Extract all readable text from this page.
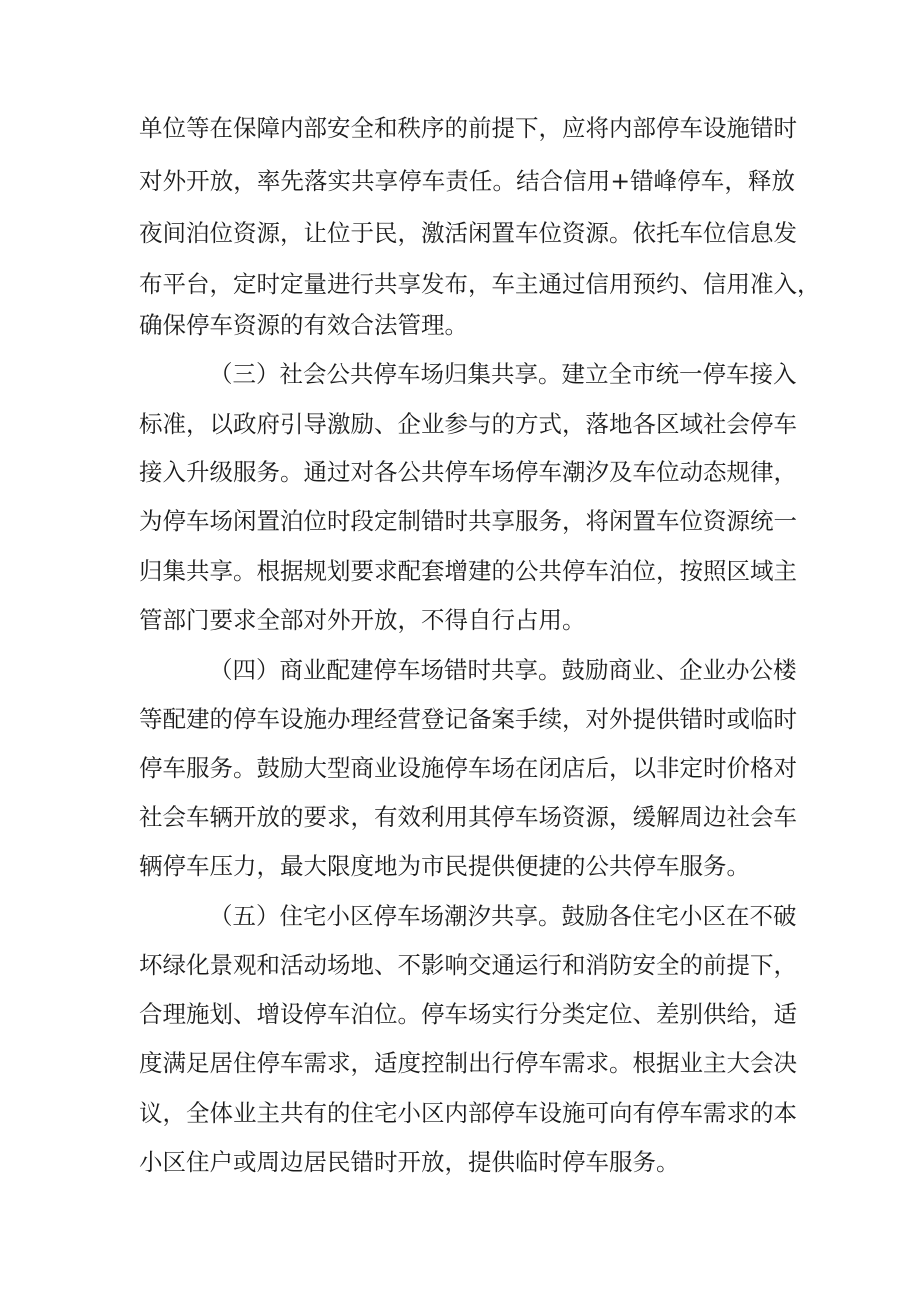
单位等在保障内部安全和秩序的前提下，应将内部停车设施错时
对外开放，率先落实共享停车责任。结合信用+错峰停车，释放
夜间泊位资源，让位于民，激活闲置车位资源。依托车位信息发
布平台，定时定量进行共享发布，车主通过信用预约、信用准入，
确保停车资源的有效合法管理。
（三）社会公共停车场归集共享。建立全市统一停车接入
标准，以政府引导激励、企业参与的方式，落地各区域社会停车
接入升级服务。通过对各公共停车场停车潮汐及车位动态规律，
为停车场闲置泊位时段定制错时共享服务，将闲置车位资源统一
归集共享。根据规划要求配套增建的公共停车泊位，按照区域主
管部门要求全部对外开放，不得自行占用。
（四）商业配建停车场错时共享。鼓励商业、企业办公楼
等配建的停车设施办理经营登记备案手续，对外提供错时或临时
停车服务。鼓励大型商业设施停车场在闭店后，以非定时价格对
社会车辆开放的要求，有效利用其停车场资源，缓解周边社会车
辆停车压力，最大限度地为市民提供便捷的公共停车服务。
（五）住宅小区停车场潮汐共享。鼓励各住宅小区在不破
坏绿化景观和活动场地、不影响交通运行和消防安全的前提下，
合理施划、增设停车泊位。停车场实行分类定位、差别供给，适
度满足居住停车需求，适度控制出行停车需求。根据业主大会决
议，全体业主共有的住宅小区内部停车设施可向有停车需求的本
小区住户或周边居民错时开放，提供临时停车服务。
